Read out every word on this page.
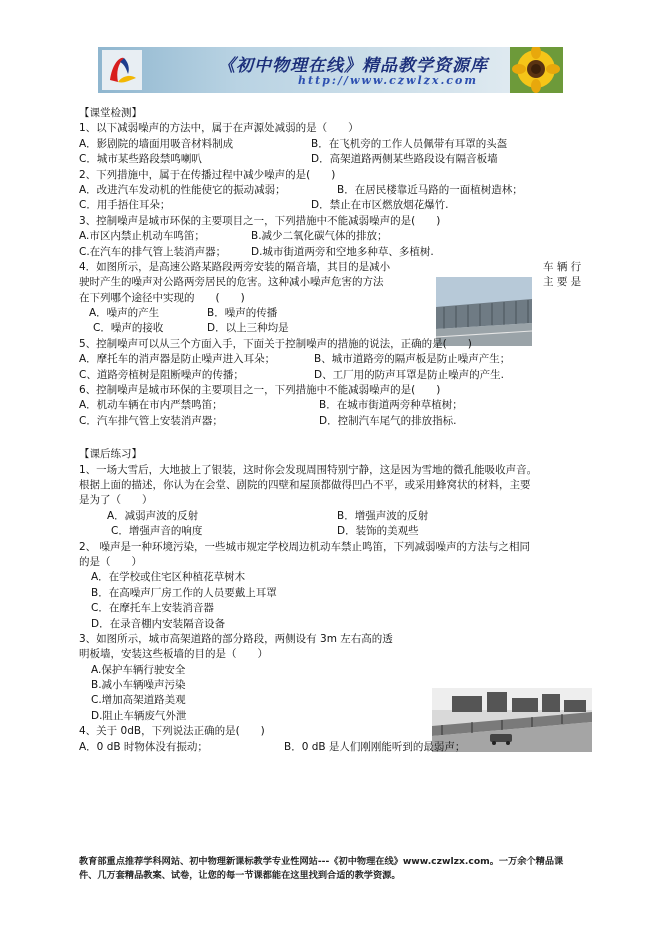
《初中物理在线》精品教学资源库
http://www.czwlzx.com
【课堂检测】
1、以下减弱噪声的方法中，属于在声源处减弱的是（　　）
A．影剧院的墙面用吸音材料制成	B．在飞机旁的工作人员佩带有耳罩的头盔
C．城市某些路段禁鸣喇叭	D．高架道路两侧某些路段设有隔音板墙
2、下列措施中，属于在传播过程中减少噪声的是(　　)
A．改进汽车发动机的性能使它的振动减弱；	B．在居民楼靠近马路的一面植树造林；
C．用手捂住耳朵；	D．禁止在市区燃放烟花爆竹.
3、控制噪声是城市环保的主要项目之一，下列措施中不能减弱噪声的是(　　)
A.市区内禁止机动车鸣笛；	B.减少二氧化碳气体的排放；
C.在汽车的排气管上装消声器； D.城市街道两旁和空地多种草、多植树.
4．如图所示，是高速公路某路段两旁安装的隔音墙，其目的是减小	车 辆 行
驶时产生的噪声对公路两旁居民的危害。这种减小噪声危害的方法	主 要 是
在下列哪个途径中实现的　　(　　)
A．噪声的产生	B．噪声的传播
C．噪声的接收	D．以上三种均是
5、控制噪声可以从三个方面入手，下面关于控制噪声的措施的说法，正确的是(　　)
A．摩托车的消声器是防止噪声进入耳朵；	B、城市道路旁的隔声板是防止噪声产生；
C、道路旁植树是阻断噪声的传播；	D、工厂用的防声耳罩是防止噪声的产生.
6、控制噪声是城市环保的主要项目之一，下列措施中不能减弱噪声的是(　　)
A．机动车辆在市内严禁鸣笛；	B．在城市街道两旁种草植树；
C．汽车排气管上安装消声器；	D．控制汽车尾气的排放指标.
【课后练习】
1、一场大雪后，大地披上了银装，这时你会发现周围特别宁静，这是因为雪地的微孔能吸收声音。
根据上面的描述，你认为在会堂、剧院的四壁和屋顶都做得凹凸不平，或采用蜂窝状的材料，主要
是为了（　　）
A．减弱声波的反射	B．增强声波的反射
C．增强声音的响度	D．装饰的美观些
2、 噪声是一种环境污染，一些城市规定学校周边机动车禁止鸣笛，下列减弱噪声的方法与之相同
的是（　　）
A．在学校或住宅区种植花草树木
B．在高噪声厂房工作的人员要戴上耳罩
C．在摩托车上安装消音器
D．在录音棚内安装隔音设备
3、如图所示，城市高架道路的部分路段，两侧设有 3m 左右高的透
明板墙，安装这些板墙的目的是（　　）
A.保护车辆行驶安全
B.减小车辆噪声污染
C.增加高架道路美观
D.阻止车辆废气外泄
4、关于 0dB，下列说法正确的是(　　)
A．0 dB 时物体没有振动；	B．0 dB 是人们刚刚能听到的最弱声；
教育部重点推荐学科网站、初中物理新课标教学专业性网站---《初中物理在线》www.czwlzx.com。一万余个精品课
件、几万套精品教案、试卷，让您的每一节课都能在这里找到合适的教学资源。
